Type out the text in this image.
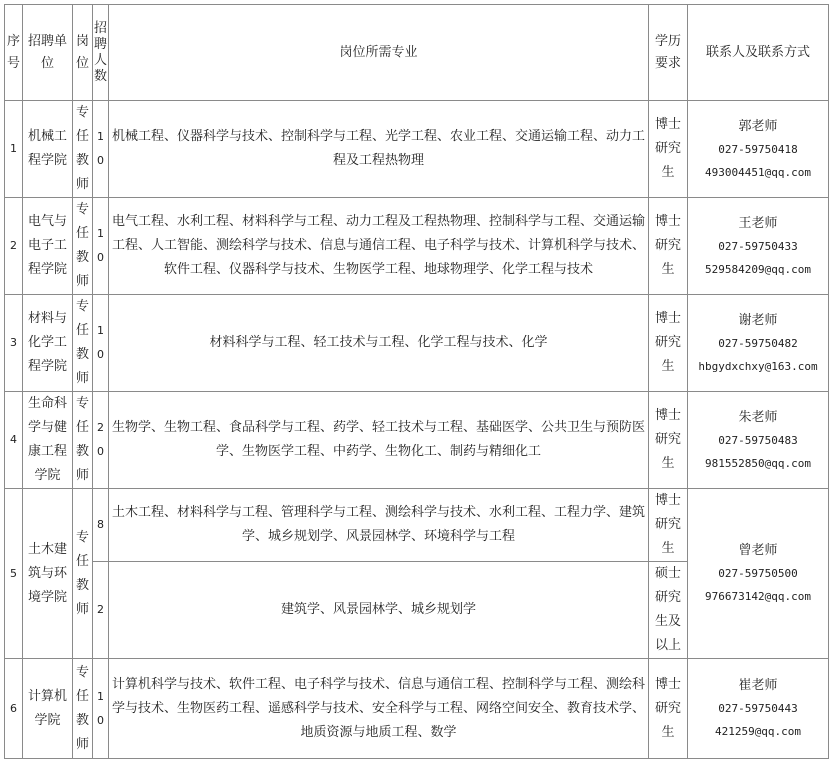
序号	招聘单位	岗位	招聘人数	岗位所需专业	学历要求	联系人及联系方式
1	机械工程学院	专任教师	10	机械工程、仪器科学与技术、控制科学与工程、光学工程、农业工程、交通运输工程、动力工程及工程热物理	博士研究生	郭老师
027-59750418
493004451@qq.com

2	电气与电子工程学院	专任教师	10	电气工程、水利工程、材料科学与工程、动力工程及工程热物理、控制科学与工程、交通运输工程、人工智能、测绘科学与技术、信息与通信工程、电子科学与技术、计算机科学与技术、软件工程、仪器科学与技术、生物医学工程、地球物理学、化学工程与技术	博士研究生	王老师
027-59750433
529584209@qq.com

3	材料与化学工程学院	专任教师	10	材料科学与工程、轻工技术与工程、化学工程与技术、化学	博士研究生	谢老师
027-59750482
hbgydxchxy@163.com

4	生命科学与健康工程学院	专任教师	20	生物学、生物工程、食品科学与工程、药学、轻工技术与工程、基础医学、公共卫生与预防医学、生物医学工程、中药学、生物化工、制药与精细化工	博士研究生	朱老师
027-59750483
981552850@qq.com

5	土木建筑与环境学院	专任教师	8	土木工程、材料科学与工程、管理科学与工程、测绘科学与技术、水利工程、工程力学、建筑学、城乡规划学、风景园林学、环境科学与工程	博士研究生	曾老师
027-59750500
976673142@qq.com

			2	建筑学、风景园林学、城乡规划学	硕士研究生及以上	
6	计算机学院	专任教师	10	计算机科学与技术、软件工程、电子科学与技术、信息与通信工程、控制科学与工程、测绘科学与技术、生物医药工程、遥感科学与技术、安全科学与工程、网络空间安全、教育技术学、地质资源与地质工程、数学	博士研究生	崔老师
027-59750443
421259@qq.com
